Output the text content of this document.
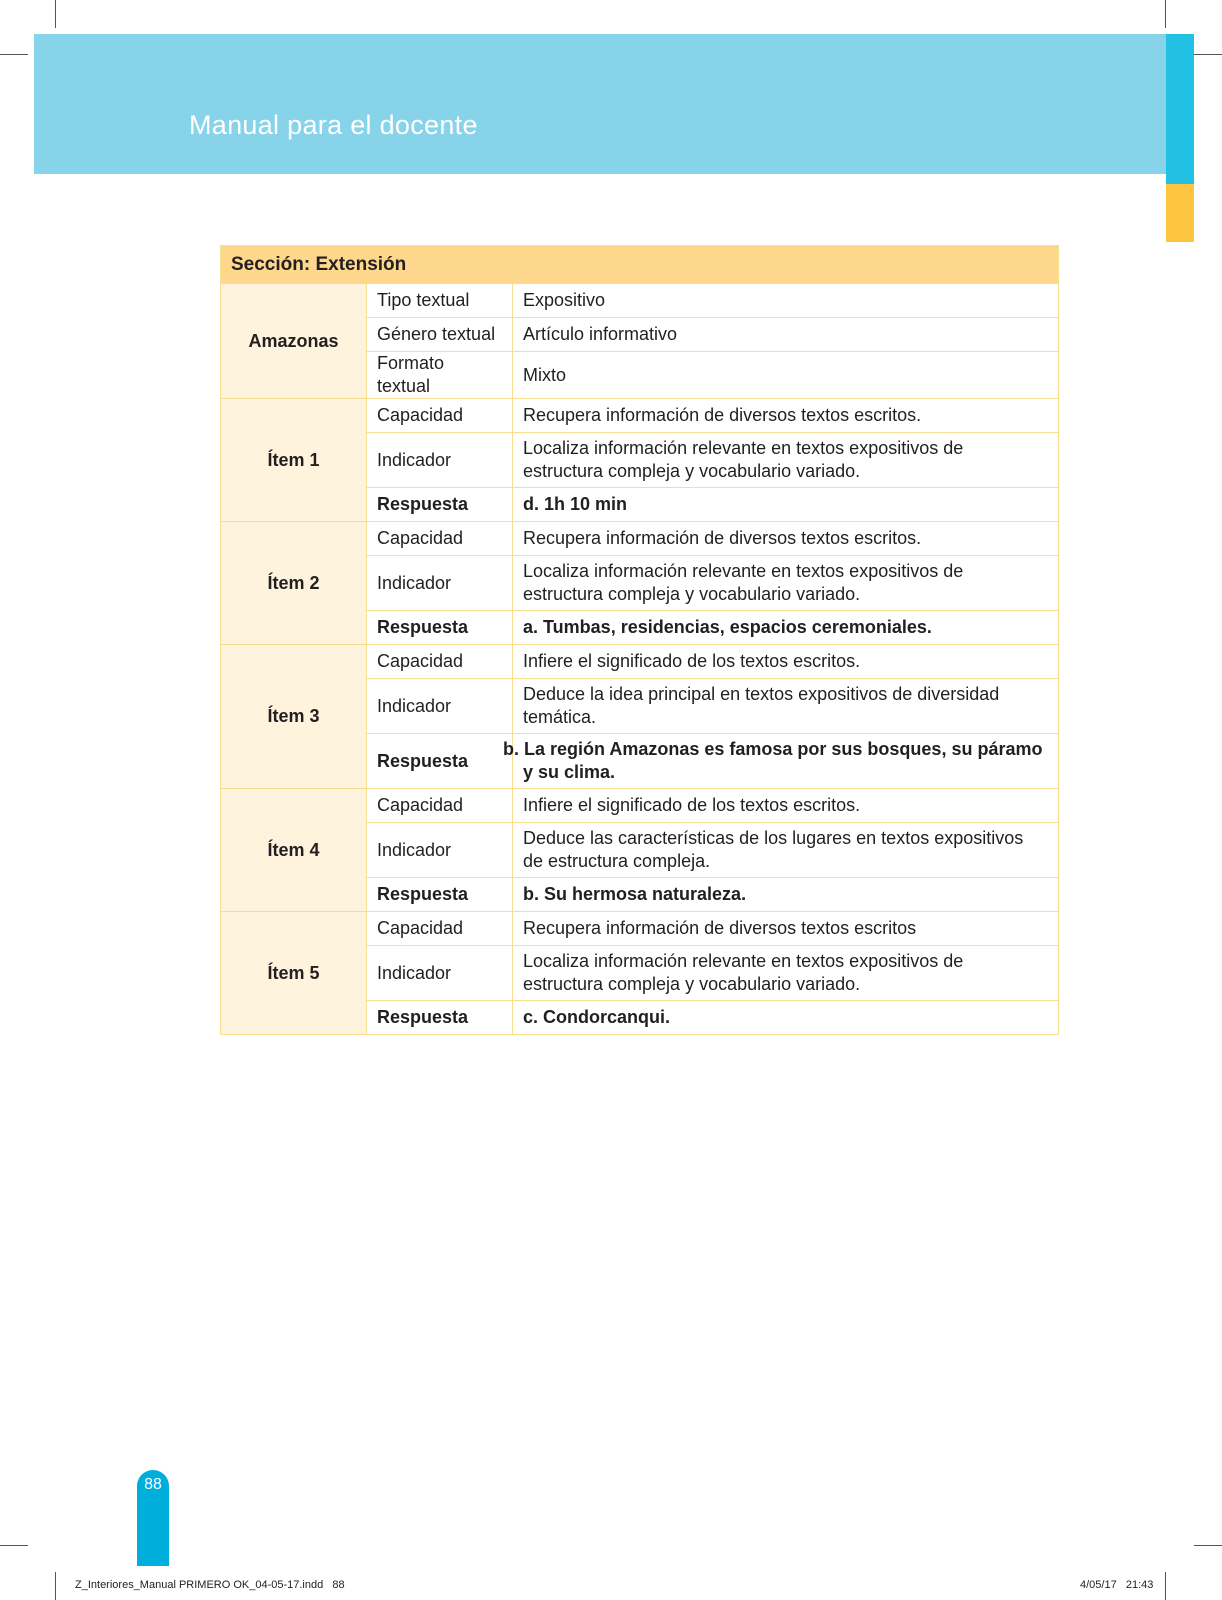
Manual para el docente
Sección: Extensión		
Amazonas	Tipo textual	Expositivo
	Género textual	Artículo informativo
	Formato textual	Mixto
Ítem 1	Capacidad	Recupera información de diversos textos escritos.
	Indicador	Localiza información relevante en textos expositivos de estructura compleja y vocabulario variado.
	Respuesta	d. 1h 10 min
Ítem 2	Capacidad	Recupera información de diversos textos escritos.
	Indicador	Localiza información relevante en textos expositivos de estructura compleja y vocabulario variado.
	Respuesta	a. Tumbas, residencias, espacios ceremoniales.
Ítem 3	Capacidad	Infiere el significado de los textos escritos.
	Indicador	Deduce la idea principal en textos expositivos de diversidad temática.
	Respuesta	b. La región Amazonas es famosa por sus bosques, su páramo y su clima.
Ítem 4	Capacidad	Infiere el significado de los textos escritos.
	Indicador	Deduce las características de los lugares en textos expositivos de estructura compleja.
	Respuesta	b. Su hermosa naturaleza.
Ítem 5	Capacidad	Recupera información de diversos textos escritos
	Indicador	Localiza información relevante en textos expositivos de estructura compleja y vocabulario variado.
	Respuesta	c. Condorcanqui.
88
Z_Interiores_Manual PRIMERO OK_04-05-17.indd   88	4/05/17   21:43
